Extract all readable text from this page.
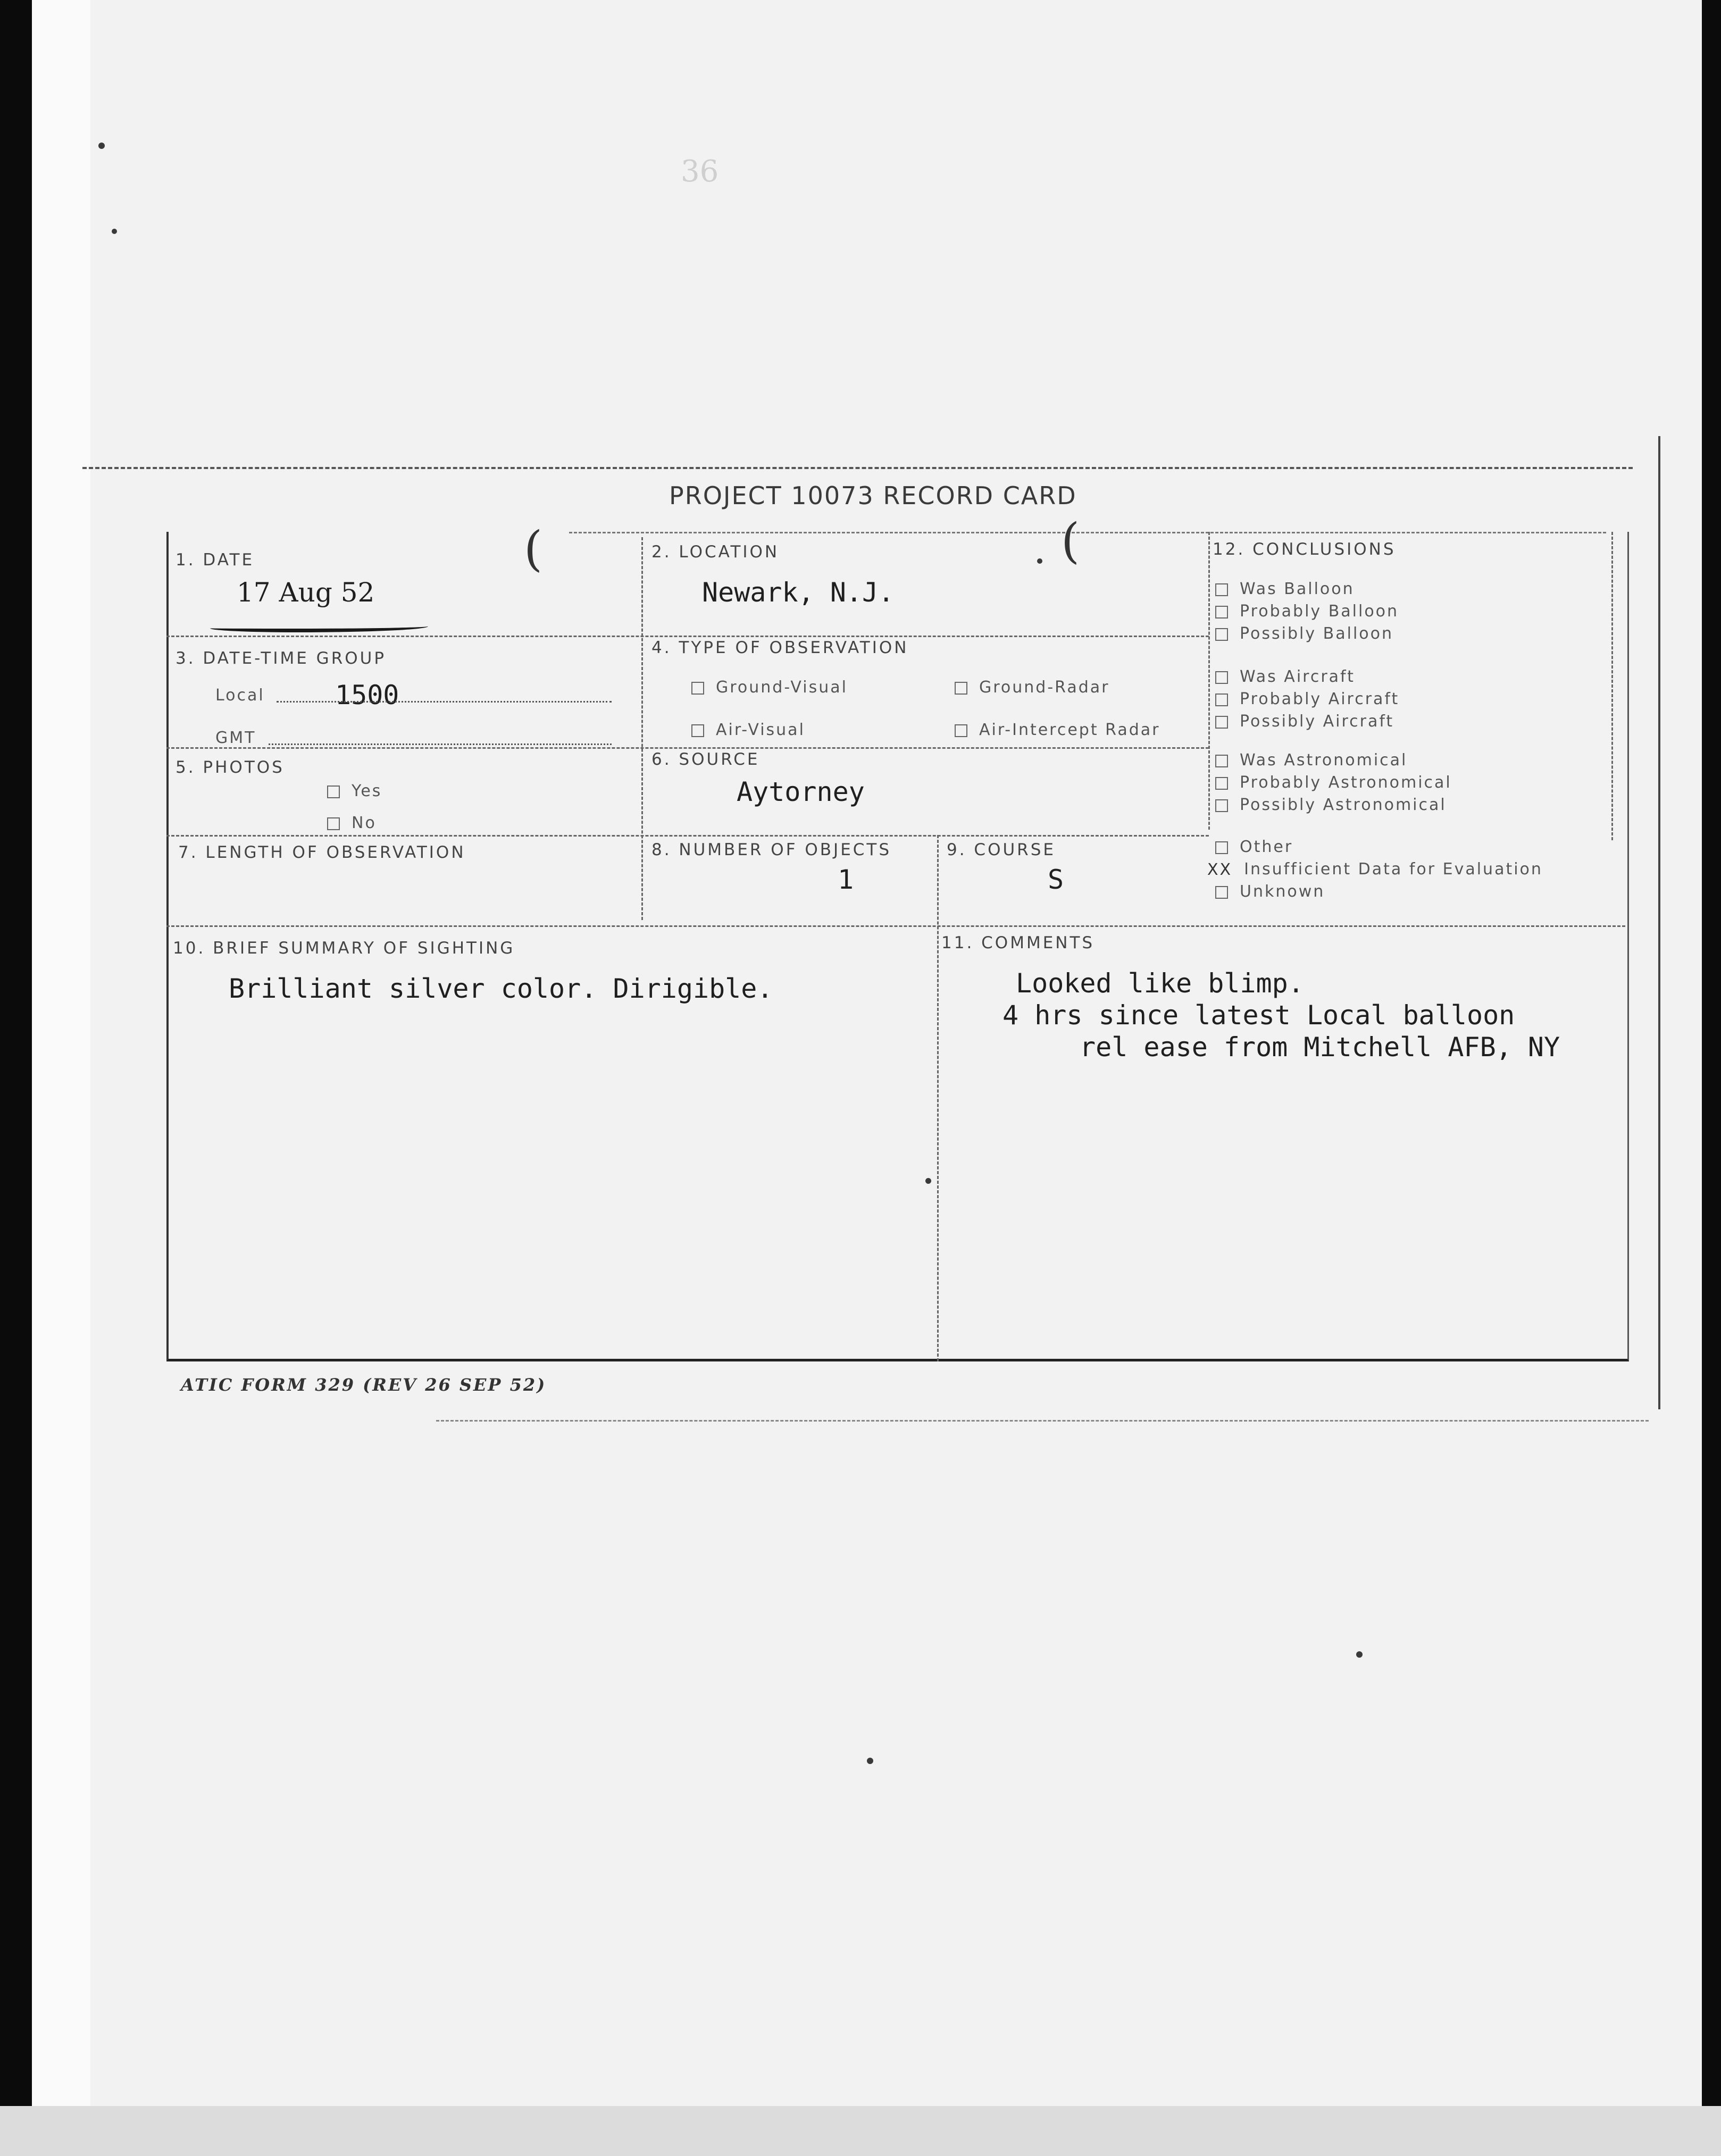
36
PROJECT 10073 RECORD CARD
(	(
1. DATE
17 Aug 52
2. LOCATION
Newark, N.J.
3. DATE-TIME GROUP
Local	1500
GMT
4. TYPE OF OBSERVATION
Ground-Visual	Ground-Radar
Air-Visual	Air-Intercept Radar
5. PHOTOS
Yes
No
6. SOURCE
Aytorney
7. LENGTH OF OBSERVATION	8. NUMBER OF OBJECTS
1
9. COURSE
S
10. BRIEF SUMMARY OF SIGHTING
Brilliant silver color. Dirigible.
11. COMMENTS
Looked like blimp.
4 hrs since latest Local balloon
rel ease from Mitchell AFB, NY
12. CONCLUSIONS
Was Balloon
Probably Balloon
Possibly Balloon
Was Aircraft
Probably Aircraft
Possibly Aircraft
Was Astronomical
Probably Astronomical
Possibly Astronomical
Other
XX Insufficient Data for Evaluation
Unknown
ATIC FORM 329 (REV 26 SEP 52)
